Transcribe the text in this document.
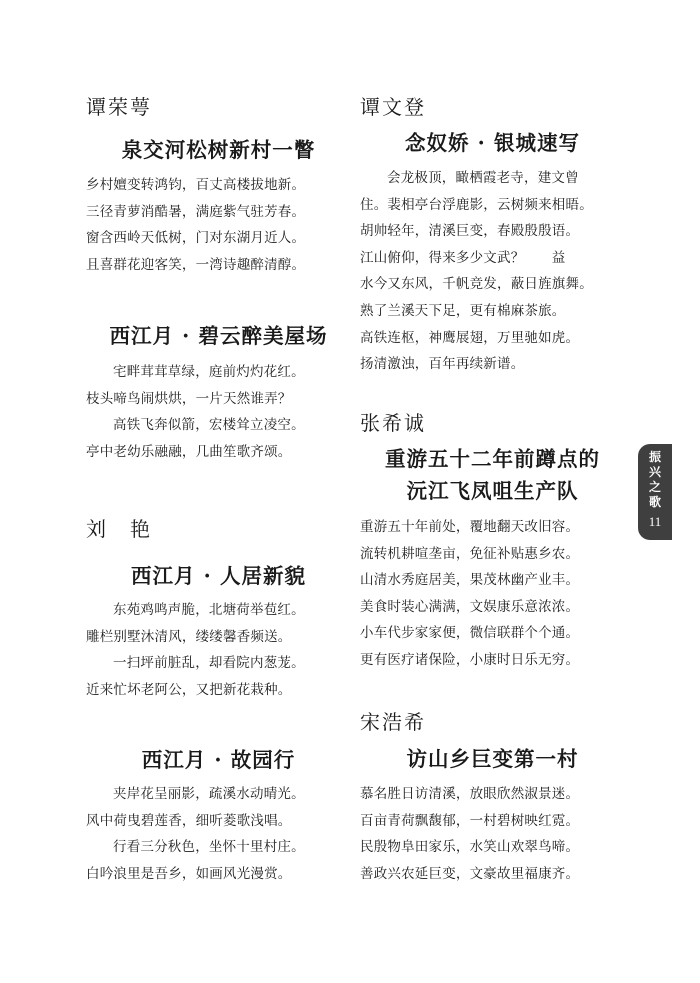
谭荣萼
泉交河松树新村一瞥
乡村嬗变转鸿钧，百丈高楼拔地新。
三径青萝消酷暑，满庭紫气驻芳春。
窗含西岭天低树，门对东湖月近人。
且喜群花迎客笑，一湾诗趣醉清醇。
西江月 · 碧云醉美屋场
宅畔茸茸草绿，庭前灼灼花红。
枝头啼鸟闹烘烘，一片天然谁弄？
高铁飞奔似箭，宏楼耸立凌空。
亭中老幼乐融融，几曲笙歌齐颂。
刘　艳
西江月 · 人居新貌
东苑鸡鸣声脆，北塘荷举苞红。
雕栏别墅沐清风，缕缕馨香频送。
一扫坪前脏乱，却看院内葱茏。
近来忙坏老阿公，又把新花栽种。
西江月 · 故园行
夹岸花呈丽影，疏溪水动晴光。
风中荷曳碧莲香，细听菱歌浅唱。
行看三分秋色，坐怀十里村庄。
白吟浪里是吾乡，如画风光漫赏。
谭文登
念奴娇 · 银城速写
会龙极顶，瞰栖霞老寺，建文曾
住。裴相亭台浮鹿影，云树频来相晤。
胡帅轻年，清溪巨变，春殿殷殷语。
江山俯仰，得来多少文武？　　益
水今又东风，千帆竞发，蔽日旌旗舞。
熟了兰溪天下足，更有棉麻茶旅。
高铁连枢，神鹰展翅，万里驰如虎。
扬清激浊，百年再续新谱。
张希诚
重游五十二年前蹲点的
沅江飞凤咀生产队
重游五十年前处，覆地翻天改旧容。
流转机耕喧垄亩，免征补贴惠乡农。
山清水秀庭居美，果茂林幽产业丰。
美食时装心满满，文娱康乐意浓浓。
小车代步家家便，微信联群个个通。
更有医疗诸保险，小康时日乐无穷。
宋浩希
访山乡巨变第一村
慕名胜日访清溪，放眼欣然淑景迷。
百亩青荷飘馥郁，一村碧树映红霓。
民殷物阜田家乐，水笑山欢翠鸟啼。
善政兴农延巨变，文豪故里福康齐。
振
兴
之
歌
11
